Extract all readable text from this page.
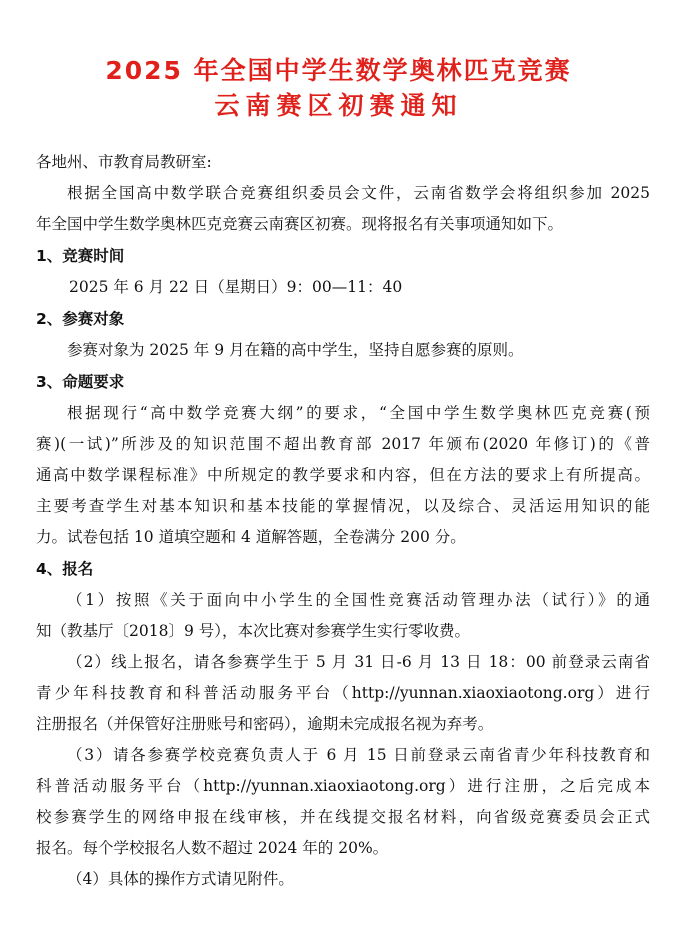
2025 年全国中学生数学奥林匹克竞赛
云南赛区初赛通知
各地州、市教育局教研室:
根据全国高中数学联合竞赛组织委员会文件，云南省数学会将组织参加 2025
年全国中学生数学奥林匹克竞赛云南赛区初赛。现将报名有关事项通知如下。
1、竞赛时间
2025 年 6 月 22 日（星期日）9：00—11：40
2、参赛对象
参赛对象为 2025 年 9 月在籍的高中学生，坚持自愿参赛的原则。
3、命题要求
根据现行“高中数学竞赛大纲”的要求，“全国中学生数学奥林匹克竞赛(预
赛)(一试)”所涉及的知识范围不超出教育部 2017 年颁布(2020 年修订)的《普
通高中数学课程标准》中所规定的教学要求和内容，但在方法的要求上有所提高。
主要考查学生对基本知识和基本技能的掌握情况，以及综合、灵活运用知识的能
力。试卷包括 10 道填空题和 4 道解答题，全卷满分 200 分。
4、报名
（1）按照《关于面向中小学生的全国性竞赛活动管理办法（试行）》的通
知（教基厅〔2018〕9 号），本次比赛对参赛学生实行零收费。
（2）线上报名，请各参赛学生于 5 月 31 日-6 月 13 日 18：00 前登录云南省
青少年科技教育和科普活动服务平台（http://yunnan.xiaoxiaotong.org）进行
注册报名（并保管好注册账号和密码），逾期未完成报名视为弃考。
（3）请各参赛学校竞赛负责人于 6 月 15 日前登录云南省青少年科技教育和
科普活动服务平台（http://yunnan.xiaoxiaotong.org）进行注册，之后完成本
校参赛学生的网络申报在线审核，并在线提交报名材料，向省级竞赛委员会正式
报名。每个学校报名人数不超过 2024 年的 20%。
（4）具体的操作方式请见附件。
